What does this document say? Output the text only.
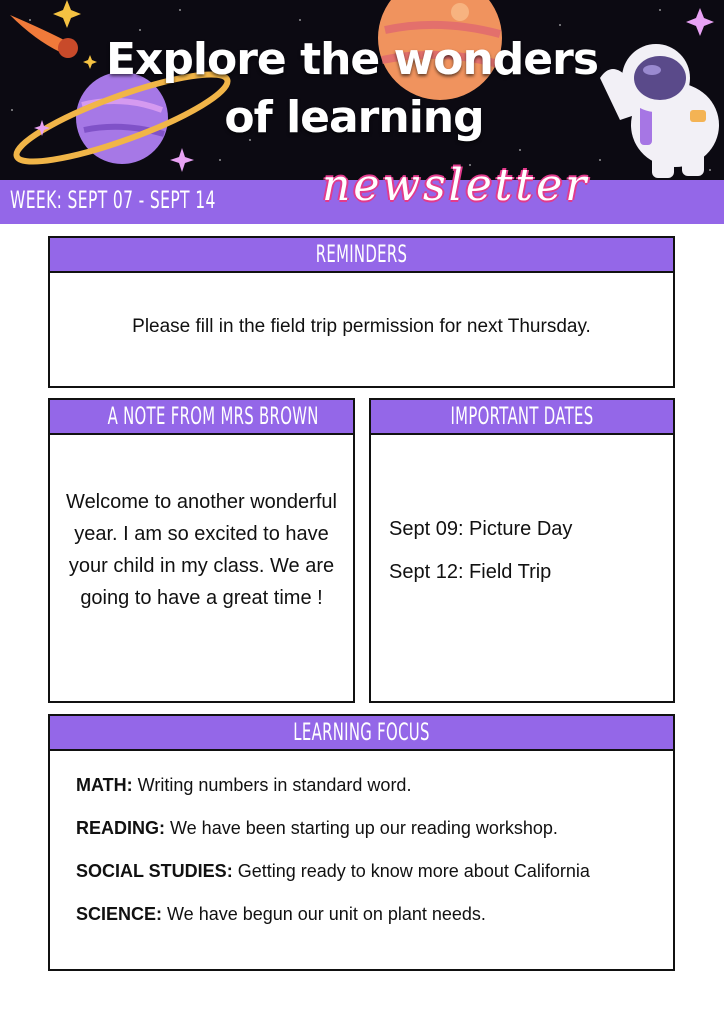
Explore the wonders
of learning
WEEK: SEPT 07 - SEPT 14 newsletter
REMINDERS
Please fill in the field trip permission for next Thursday.
A NOTE FROM MRS BROWN
Welcome to another wonderful year. I am so excited to have your child in my class. We are going to have a great time !
IMPORTANT DATES
Sept 09: Picture Day
Sept 12: Field Trip
LEARNING FOCUS
MATH: Writing numbers in standard word.
READING: We have been starting up our reading workshop.
SOCIAL STUDIES: Getting ready to know more about California
SCIENCE: We have begun our unit on plant needs.
